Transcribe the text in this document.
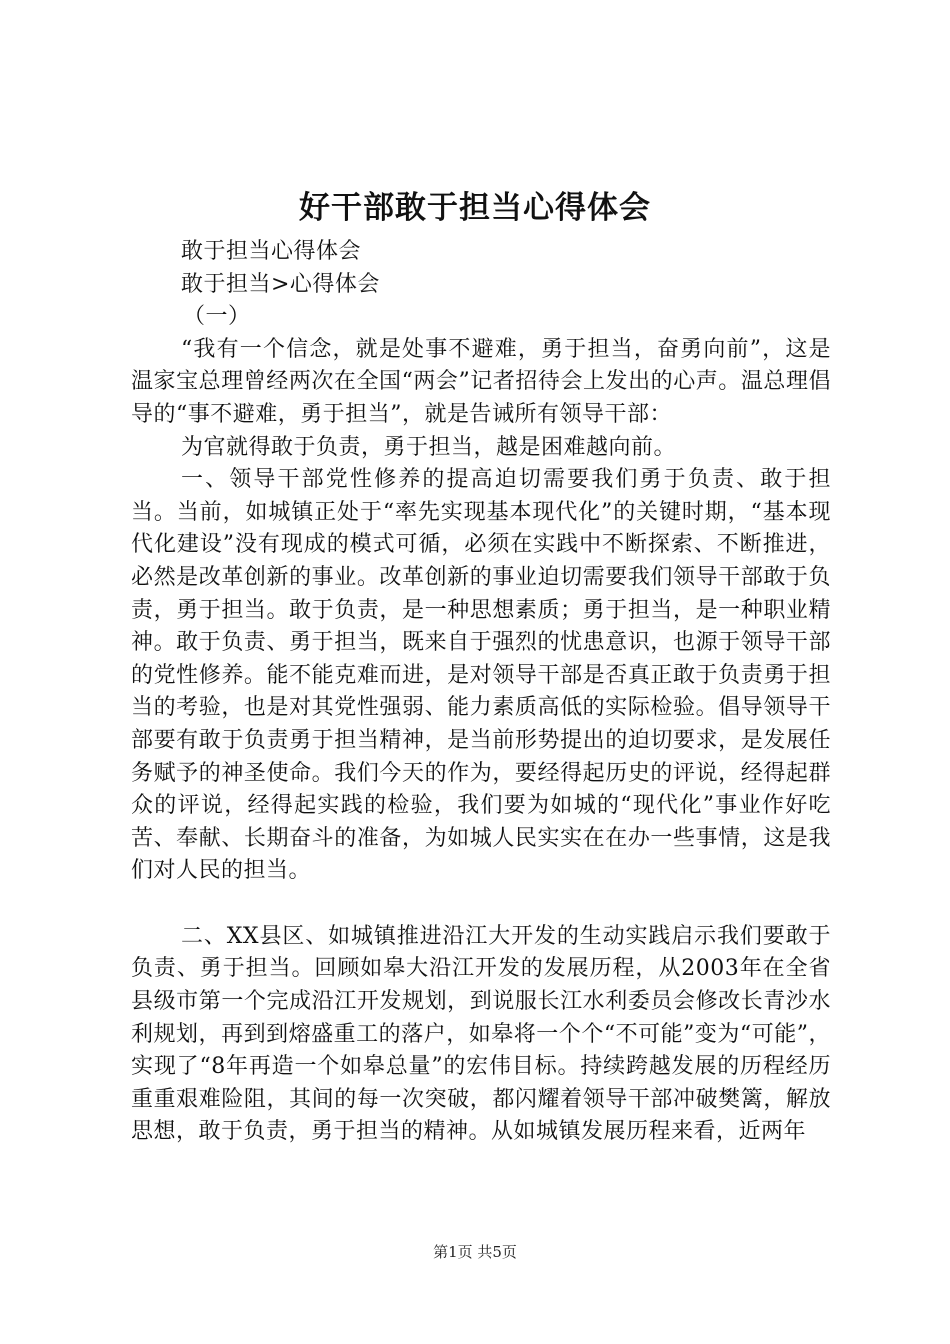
好干部敢于担当心得体会

敢于担当心得体会

敢于担当>心得体会

（一）

“我有一个信念，就是处事不避难，勇于担当，奋勇向前”，这是温家宝总理曾经两次在全国“两会”记者招待会上发出的心声。温总理倡导的“事不避难，勇于担当”，就是告诫所有领导干部：

为官就得敢于负责，勇于担当，越是困难越向前。

一、领导干部党性修养的提高迫切需要我们勇于负责、敢于担当。当前，如城镇正处于“率先实现基本现代化”的关键时期，“基本现代化建设”没有现成的模式可循，必须在实践中不断探索、不断推进，必然是改革创新的事业。改革创新的事业迫切需要我们领导干部敢于负责，勇于担当。敢于负责，是一种思想素质；勇于担当，是一种职业精神。敢于负责、勇于担当，既来自于强烈的忧患意识，也源于领导干部的党性修养。能不能克难而进，是对领导干部是否真正敢于负责勇于担当的考验，也是对其党性强弱、能力素质高低的实际检验。倡导领导干部要有敢于负责勇于担当精神，是当前形势提出的迫切要求，是发展任务赋予的神圣使命。我们今天的作为，要经得起历史的评说，经得起群众的评说，经得起实践的检验，我们要为如城的“现代化”事业作好吃苦、奉献、长期奋斗的准备，为如城人民实实在在办一些事情，这是我们对人民的担当。

二、XX县区、如城镇推进沿江大开发的生动实践启示我们要敢于负责、勇于担当。回顾如皋大沿江开发的发展历程，从2003年在全省县级市第一个完成沿江开发规划，到说服长江水利委员会修改长青沙水利规划，再到到熔盛重工的落户，如皋将一个个“不可能”变为“可能”，实现了“8年再造一个如皋总量”的宏伟目标。持续跨越发展的历程经历重重艰难险阻，其间的每一次突破，都闪耀着领导干部冲破樊篱，解放思想，敢于负责，勇于担当的精神。从如城镇发展历程来看，近两年

第1页 共5页
